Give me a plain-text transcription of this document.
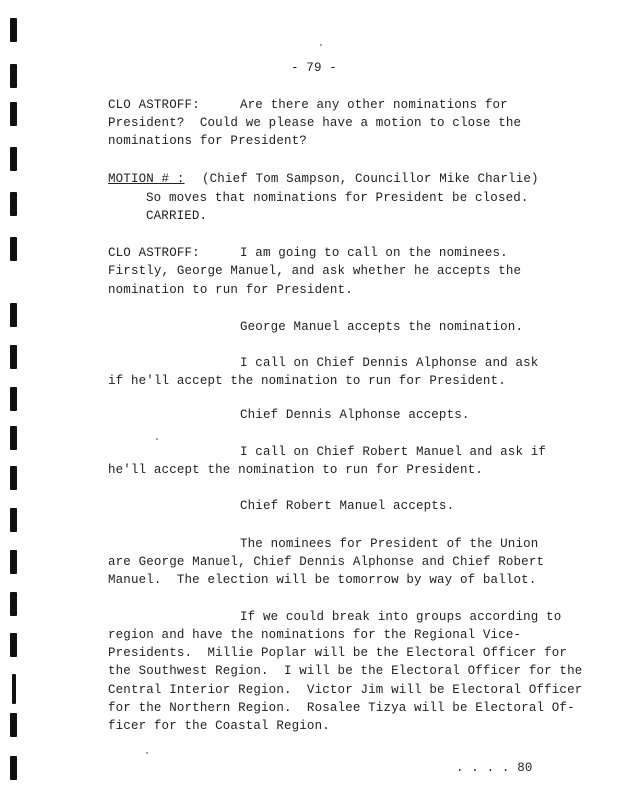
- 79 -
CLO ASTROFF:	Are there any other nominations for
President?  Could we please have a motion to close the
nominations for President?
MOTION # : (Chief Tom Sampson, Councillor Mike Charlie)
So moves that nominations for President be closed.
CARRIED.
CLO ASTROFF:	I am going to call on the nominees.
Firstly, George Manuel, and ask whether he accepts the
nomination to run for President.
George Manuel accepts the nomination.
I call on Chief Dennis Alphonse and ask
if he'll accept the nomination to run for President.
Chief Dennis Alphonse accepts.
I call on Chief Robert Manuel and ask if
he'll accept the nomination to run for President.
Chief Robert Manuel accepts.
The nominees for President of the Union
are George Manuel, Chief Dennis Alphonse and Chief Robert
Manuel.  The election will be tomorrow by way of ballot.
If we could break into groups according to
region and have the nominations for the Regional Vice-
Presidents.  Millie Poplar will be the Electoral Officer for
the Southwest Region.  I will be the Electoral Officer for the
Central Interior Region.  Victor Jim will be Electoral Officer
for the Northern Region.  Rosalee Tizya will be Electoral Of-
ficer for the Coastal Region.
. . . . 80
